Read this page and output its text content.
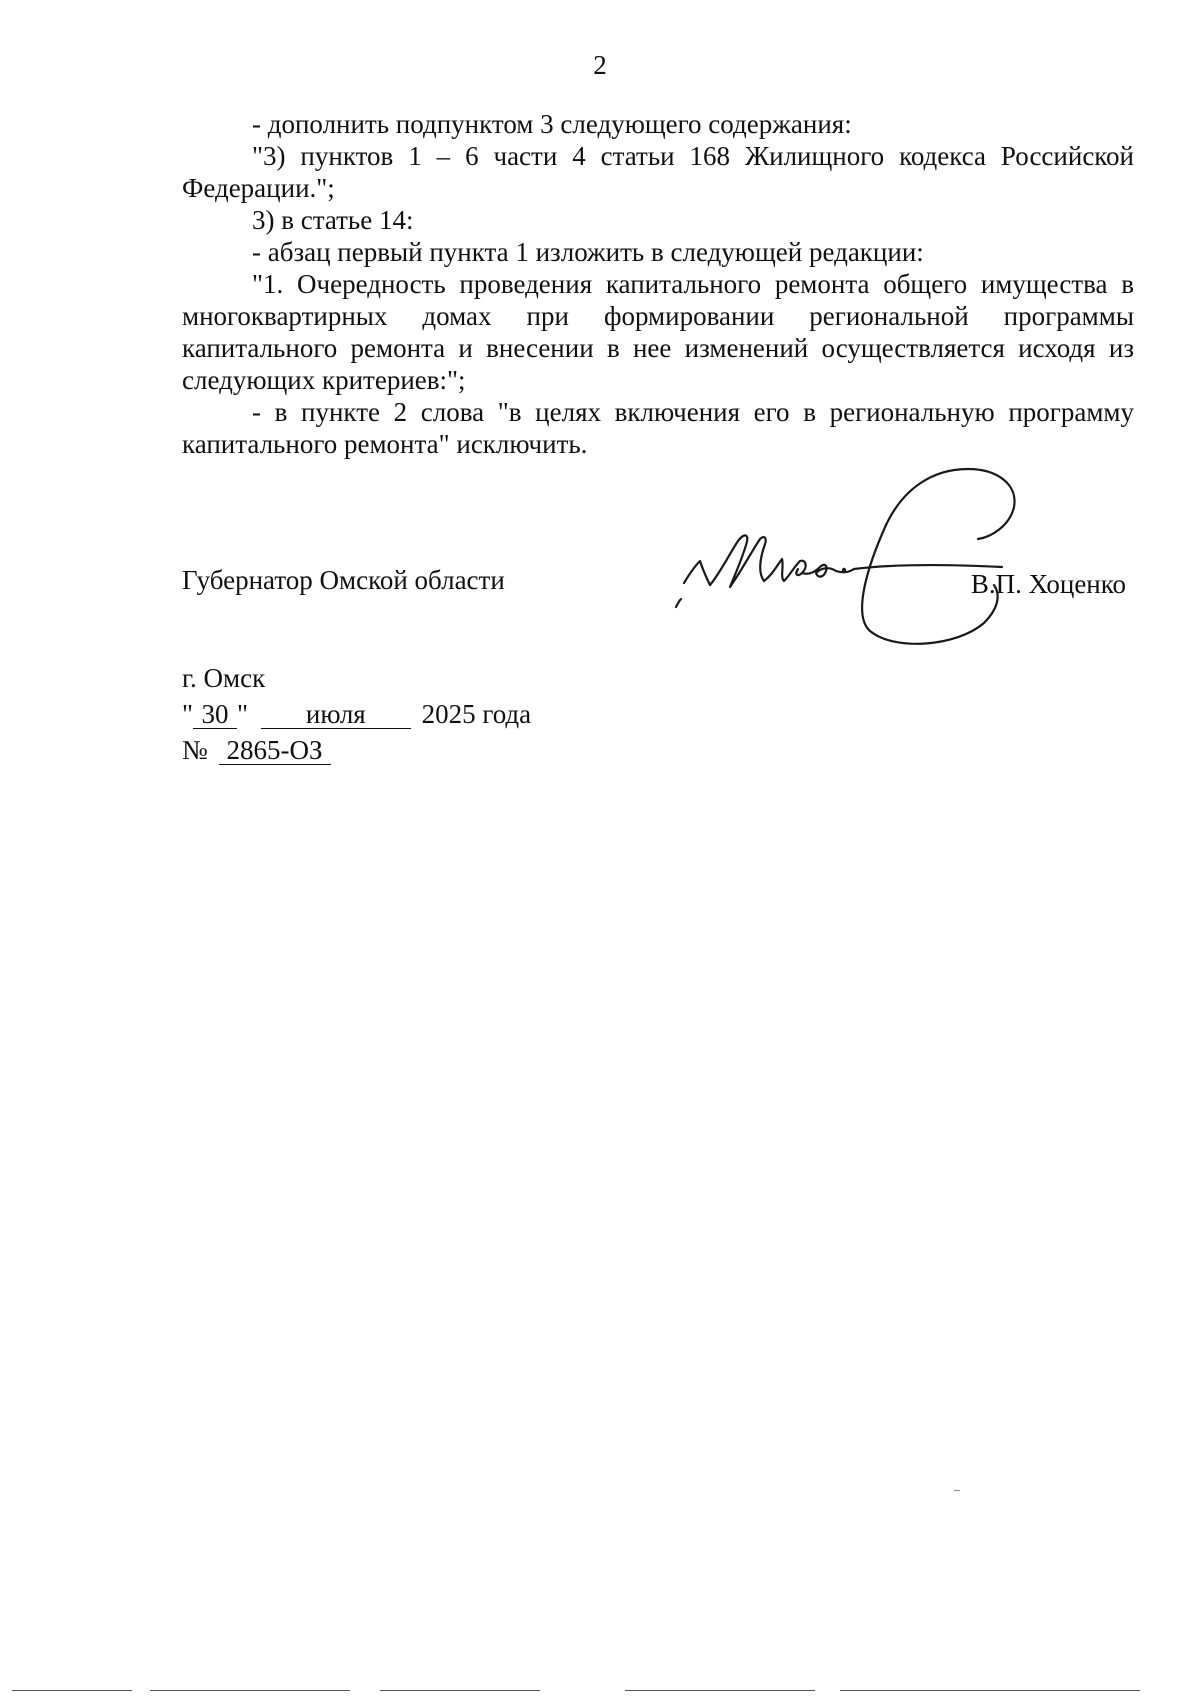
2

- дополнить подпунктом 3 следующего содержания:

"3) пунктов 1 – 6 части 4 статьи 168 Жилищного кодекса Российской Федерации.";

3) в статье 14:

- абзац первый пункта 1 изложить в следующей редакции:

"1. Очередность проведения капитального ремонта общего имущества в многоквартирных домах при формировании региональной программы капитального ремонта и внесении в нее изменений осуществляется исходя из следующих критериев:";

- в пункте 2 слова "в целях включения его в региональную программу капитального ремонта" исключить.

Губернатор Омской области	В.П. Хоценко
г. Омск
" 30 " июля 2025 года
№ 2865-ОЗ
